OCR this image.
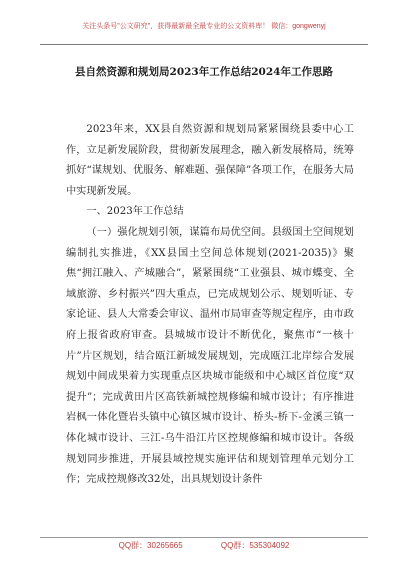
关注头条号"公文研究"，获得最新最全最专业的公文资料库！ 微信：gongwenyj
县自然资源和规划局2023年工作总结2024年工作思路

2023年来，XX县自然资源和规划局紧紧围绕县委中心工作，立足新发展阶段，贯彻新发展理念，融入新发展格局，统筹抓好“谋规划、优服务、解难题、强保障”各项工作，在服务大局中实现新发展。

一、2023年工作总结

（一）强化规划引领，谋篇布局优空间。县级国土空间规划编制扎实推进，《XX县国土空间总体规划(2021-2035)》聚焦“拥江融入、产城融合”，紧紧围绕“工业强县、城市蝶变、全域旅游、乡村振兴”四大重点，已完成规划公示、规划听证、专家论证、县人大常委会审议、温州市局审查等规定程序，由市政府上报省政府审查。县城城市设计不断优化，聚焦市“一核十片”片区规划，结合瓯江新城发展规划，完成瓯江北岸综合发展规划中间成果着力实现重点区块城市能级和中心城区首位度“双提升”；完成黄田片区高铁新城控规修编和城市设计；有序推进岩枫一体化暨岩头镇中心镇区城市设计、桥头-桥下-金溪三镇一体化城市设计、三江-乌牛沿江片区控规修编和城市设计。各级规划同步推进，开展县域控规实施评估和规划管理单元划分工作；完成控规修改32处，出具规划设计条件

QQ群：30265665	QQ群：535304092
